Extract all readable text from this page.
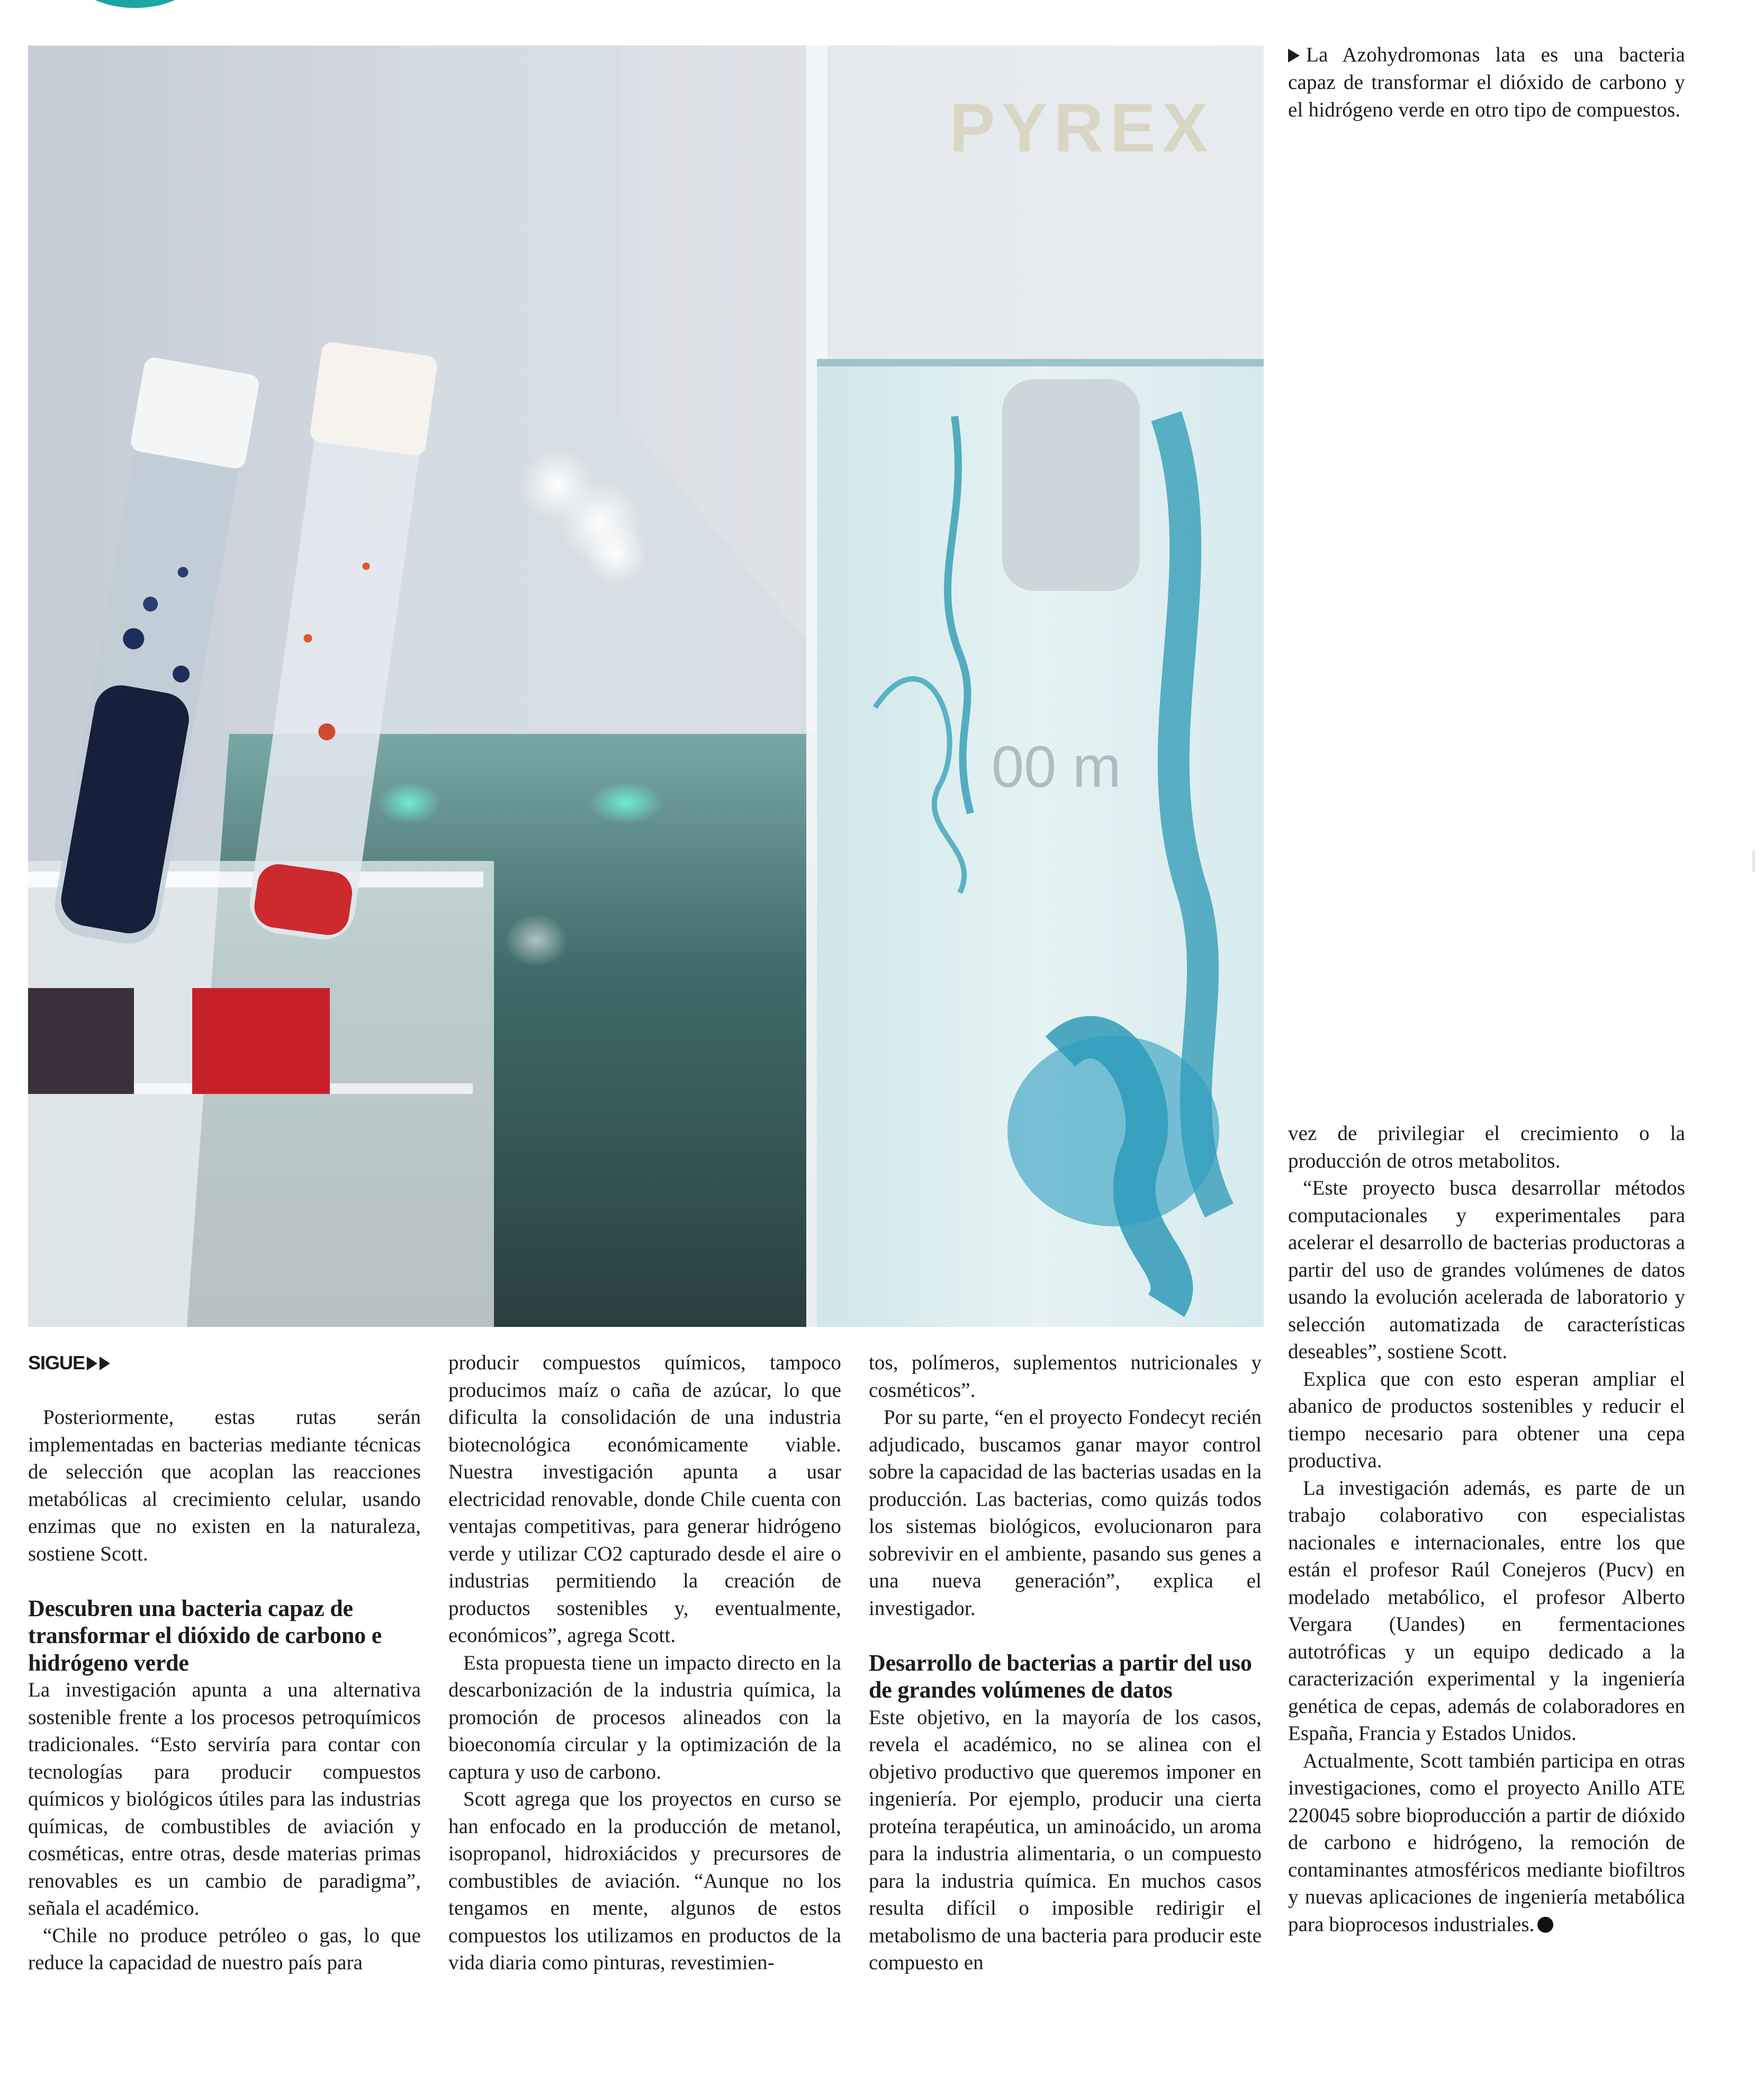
PYREX
00 m
La Azohydromonas lata es una bacteria capaz de transformar el dióxido de carbono y el hidrógeno verde en otro tipo de compuestos.

SIGUE

Posteriormente, estas rutas serán implementadas en bacterias mediante técnicas de selección que acoplan las reacciones metabólicas al crecimiento celular, usando enzimas que no existen en la naturaleza, sostiene Scott.

Descubren una bacteria capaz de transformar el dióxido de carbono e hidrógeno verde

La investigación apunta a una alternativa sostenible frente a los procesos petroquímicos tradicionales. “Esto serviría para contar con tecnologías para producir compuestos químicos y biológicos útiles para las industrias químicas, de combustibles de aviación y cosméticas, entre otras, desde materias primas renovables es un cambio de paradigma”, señala el académico.

“Chile no produce petróleo o gas, lo que reduce la capacidad de nuestro país para

producir compuestos químicos, tampoco producimos maíz o caña de azúcar, lo que dificulta la consolidación de una industria biotecnológica económicamente viable. Nuestra investigación apunta a usar electricidad renovable, donde Chile cuenta con ventajas competitivas, para generar hidrógeno verde y utilizar CO2 capturado desde el aire o industrias permitiendo la creación de productos sostenibles y, eventualmente, económicos”, agrega Scott.

Esta propuesta tiene un impacto directo en la descarbonización de la industria química, la promoción de procesos alineados con la bioeconomía circular y la optimización de la captura y uso de carbono.

Scott agrega que los proyectos en curso se han enfocado en la producción de metanol, isopropanol, hidroxiácidos y precursores de combustibles de aviación. “Aunque no los tengamos en mente, algunos de estos compuestos los utilizamos en productos de la vida diaria como pinturas, revestimien-

tos, polímeros, suplementos nutricionales y cosméticos”.

Por su parte, “en el proyecto Fondecyt recién adjudicado, buscamos ganar mayor control sobre la capacidad de las bacterias usadas en la producción. Las bacterias, como quizás todos los sistemas biológicos, evolucionaron para sobrevivir en el ambiente, pasando sus genes a una nueva generación”, explica el investigador.

Desarrollo de bacterias a partir del uso de grandes volúmenes de datos

Este objetivo, en la mayoría de los casos, revela el académico, no se alinea con el objetivo productivo que queremos imponer en ingeniería. Por ejemplo, producir una cierta proteína terapéutica, un aminoácido, un aroma para la industria alimentaria, o un compuesto para la industria química. En muchos casos resulta difícil o imposible redirigir el metabolismo de una bacteria para producir este compuesto en

vez de privilegiar el crecimiento o la producción de otros metabolitos.

“Este proyecto busca desarrollar métodos computacionales y experimentales para acelerar el desarrollo de bacterias productoras a partir del uso de grandes volúmenes de datos usando la evolución acelerada de laboratorio y selección automatizada de características deseables”, sostiene Scott.

Explica que con esto esperan ampliar el abanico de productos sostenibles y reducir el tiempo necesario para obtener una cepa productiva.

La investigación además, es parte de un trabajo colaborativo con especialistas nacionales e internacionales, entre los que están el profesor Raúl Conejeros (Pucv) en modelado metabólico, el profesor Alberto Vergara (Uandes) en fermentaciones autotróficas y un equipo dedicado a la caracterización experimental y la ingeniería genética de cepas, además de colaboradores en España, Francia y Estados Unidos.

Actualmente, Scott también participa en otras investigaciones, como el proyecto Anillo ATE 220045 sobre bioproducción a partir de dióxido de carbono e hidrógeno, la remoción de contaminantes atmosféricos mediante biofiltros y nuevas aplicaciones de ingeniería metabólica para bioprocesos industriales.
